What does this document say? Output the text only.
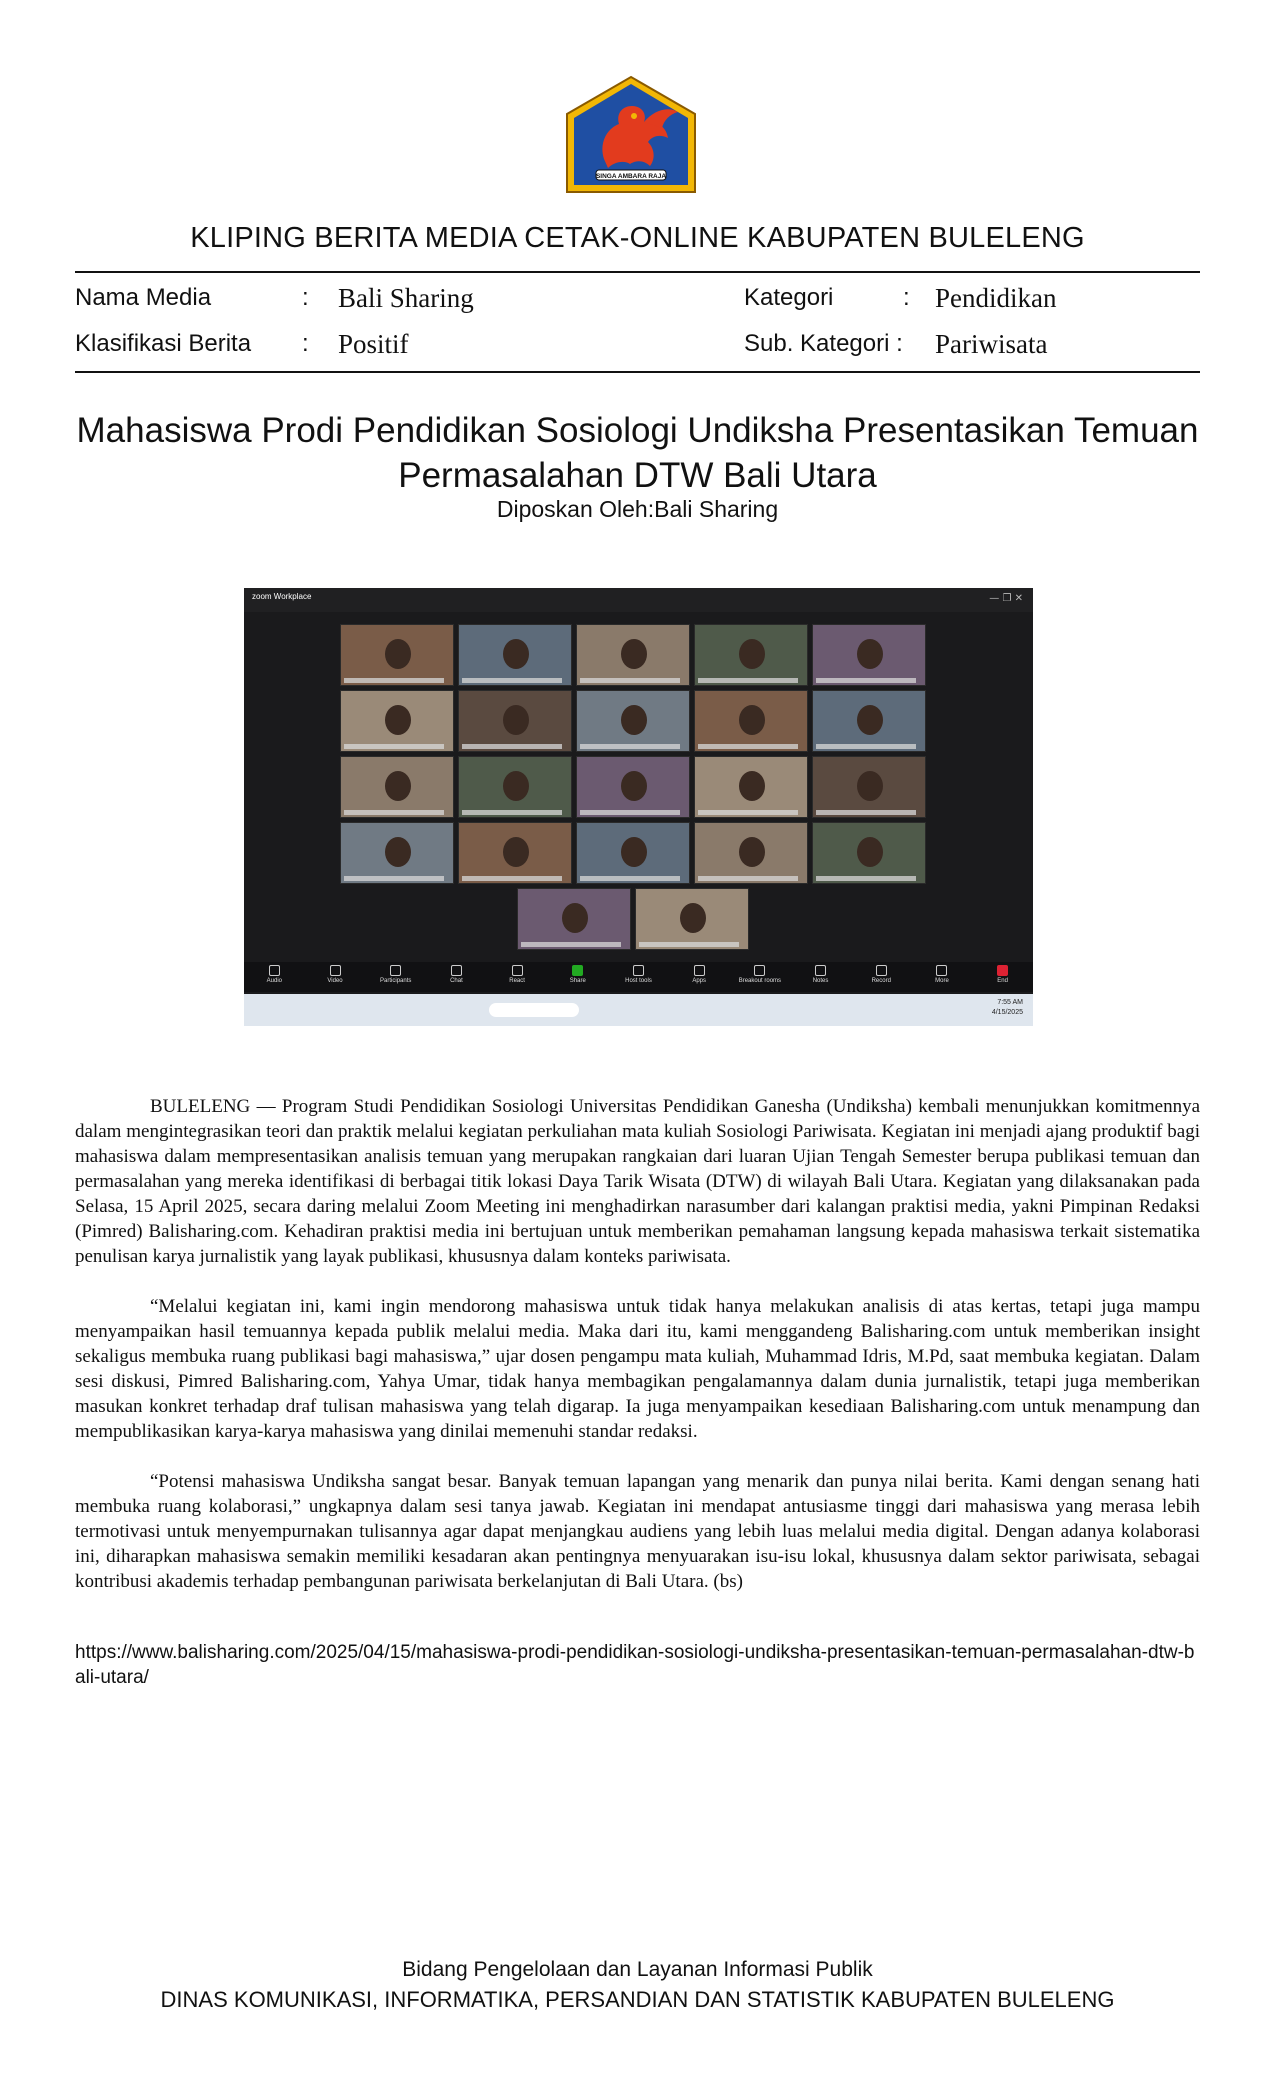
SINGA AMBARA RAJA
KLIPING BERITA MEDIA CETAK-ONLINE KABUPATEN BULELENG
Nama Media	: Bali Sharing	Kategori	: Pendidikan
Klasifikasi Berita : Positif	Sub. Kategori : Pariwisata
Mahasiswa Prodi Pendidikan Sosiologi Undiksha Presentasikan Temuan
Permasalahan DTW Bali Utara
Diposkan Oleh:Bali Sharing
zoom Workplace	— ❐ ✕
Audio	Video	Participants	Chat	React	Share	Host tools	Apps	Breakout rooms	Notes	Record	More	End
7:55 AM
4/15/2025

BULELENG — Program Studi Pendidikan Sosiologi Universitas Pendidikan Ganesha (Undiksha) kembali menunjukkan komitmennya dalam mengintegrasikan teori dan praktik melalui kegiatan perkuliahan mata kuliah Sosiologi Pariwisata. Kegiatan ini menjadi ajang produktif bagi mahasiswa dalam mempresentasikan analisis temuan yang merupakan rangkaian dari luaran Ujian Tengah Semester berupa publikasi temuan dan permasalahan yang mereka identifikasi di berbagai titik lokasi Daya Tarik Wisata (DTW) di wilayah Bali Utara. Kegiatan yang dilaksanakan pada Selasa, 15 April 2025, secara daring melalui Zoom Meeting ini menghadirkan narasumber dari kalangan praktisi media, yakni Pimpinan Redaksi (Pimred) Balisharing.com. Kehadiran praktisi media ini bertujuan untuk memberikan pemahaman langsung kepada mahasiswa terkait sistematika penulisan karya jurnalistik yang layak publikasi, khususnya dalam konteks pariwisata.

“Melalui kegiatan ini, kami ingin mendorong mahasiswa untuk tidak hanya melakukan analisis di atas kertas, tetapi juga mampu menyampaikan hasil temuannya kepada publik melalui media. Maka dari itu, kami menggandeng Balisharing.com untuk memberikan insight sekaligus membuka ruang publikasi bagi mahasiswa,” ujar dosen pengampu mata kuliah, Muhammad Idris, M.Pd, saat membuka kegiatan. Dalam sesi diskusi, Pimred Balisharing.com, Yahya Umar, tidak hanya membagikan pengalamannya dalam dunia jurnalistik, tetapi juga memberikan masukan konkret terhadap draf tulisan mahasiswa yang telah digarap. Ia juga menyampaikan kesediaan Balisharing.com untuk menampung dan mempublikasikan karya-karya mahasiswa yang dinilai memenuhi standar redaksi.

“Potensi mahasiswa Undiksha sangat besar. Banyak temuan lapangan yang menarik dan punya nilai berita. Kami dengan senang hati membuka ruang kolaborasi,” ungkapnya dalam sesi tanya jawab. Kegiatan ini mendapat antusiasme tinggi dari mahasiswa yang merasa lebih termotivasi untuk menyempurnakan tulisannya agar dapat menjangkau audiens yang lebih luas melalui media digital. Dengan adanya kolaborasi ini, diharapkan mahasiswa semakin memiliki kesadaran akan pentingnya menyuarakan isu-isu lokal, khususnya dalam sektor pariwisata, sebagai kontribusi akademis terhadap pembangunan pariwisata berkelanjutan di Bali Utara. (bs)

https://www.balisharing.com/2025/04/15/mahasiswa-prodi-pendidikan-sosiologi-undiksha-presentasikan-temuan-permasalahan-dtw-bali-utara/
Bidang Pengelolaan dan Layanan Informasi Publik
DINAS KOMUNIKASI, INFORMATIKA, PERSANDIAN DAN STATISTIK KABUPATEN BULELENG
